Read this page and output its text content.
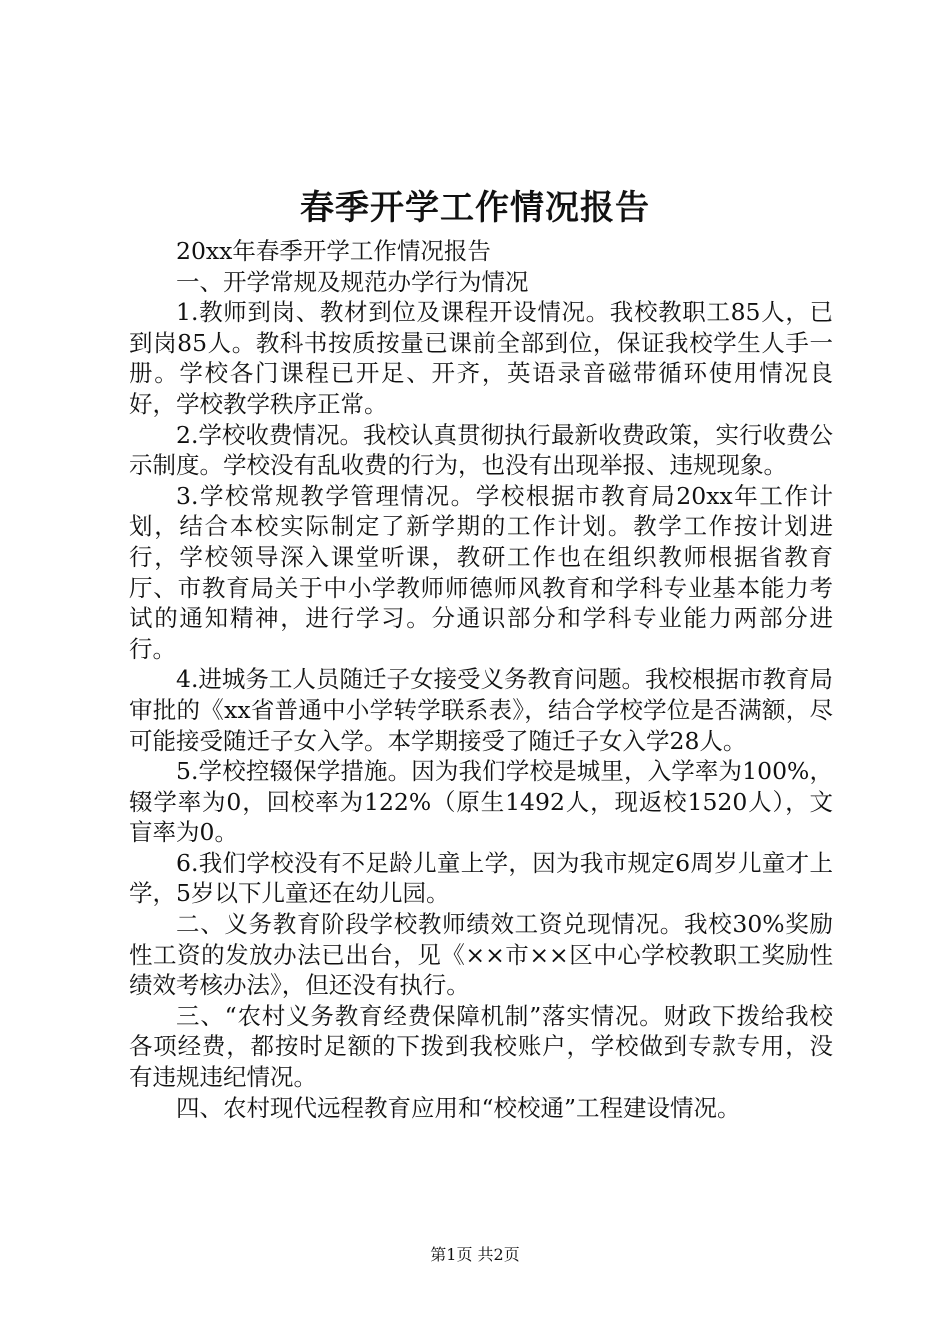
春季开学工作情况报告

20xx年春季开学工作情况报告

一、开学常规及规范办学行为情况

1.教师到岗、教材到位及课程开设情况。我校教职工85人，已到岗85人。教科书按质按量已课前全部到位，保证我校学生人手一册。学校各门课程已开足、开齐，英语录音磁带循环使用情况良好，学校教学秩序正常。

2.学校收费情况。我校认真贯彻执行最新收费政策，实行收费公示制度。学校没有乱收费的行为，也没有出现举报、违规现象。

3.学校常规教学管理情况。学校根据市教育局20xx年工作计划，结合本校实际制定了新学期的工作计划。教学工作按计划进行，学校领导深入课堂听课，教研工作也在组织教师根据省教育厅、市教育局关于中小学教师师德师风教育和学科专业基本能力考试的通知精神，进行学习。分通识部分和学科专业能力两部分进行。

4.进城务工人员随迁子女接受义务教育问题。我校根据市教育局审批的《xx省普通中小学转学联系表》，结合学校学位是否满额，尽可能接受随迁子女入学。本学期接受了随迁子女入学28人。

5.学校控辍保学措施。因为我们学校是城里，入学率为100%，辍学率为0，回校率为122%（原生1492人，现返校1520人），文盲率为0。

6.我们学校没有不足龄儿童上学，因为我市规定6周岁儿童才上学，5岁以下儿童还在幼儿园。

二、义务教育阶段学校教师绩效工资兑现情况。我校30%奖励性工资的发放办法已出台，见《××市××区中心学校教职工奖励性绩效考核办法》，但还没有执行。

三、“农村义务教育经费保障机制”落实情况。财政下拨给我校各项经费，都按时足额的下拨到我校账户，学校做到专款专用，没有违规违纪情况。

四、农村现代远程教育应用和“校校通”工程建设情况。

第1页 共2页
